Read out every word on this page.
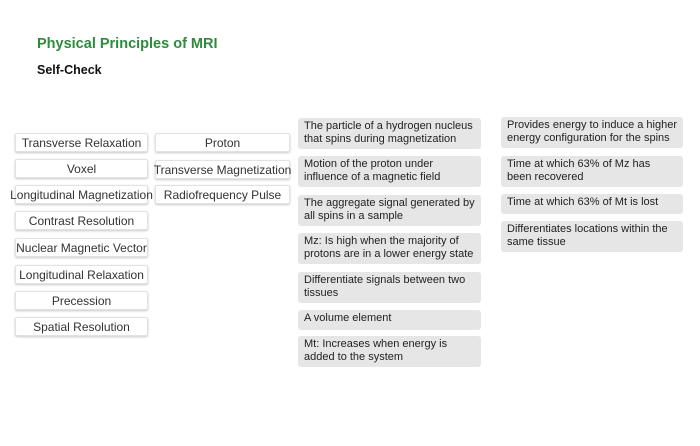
Physical Principles of MRI
Self-Check
Transverse Relaxation
Voxel
Longitudinal Magnetization
Contrast Resolution
Nuclear Magnetic Vector
Longitudinal Relaxation
Precession
Spatial Resolution
Proton
Transverse Magnetization
Radiofrequency Pulse
The particle of a hydrogen nucleus that spins during magnetization
Motion of the proton under influence of a magnetic field
The aggregate signal generated by all spins in a sample
Mz: Is high when the majority of protons are in a lower energy state
Differentiate signals between two tissues
A volume element
Mt: Increases when energy is added to the system
Provides energy to induce a higher energy configuration for the spins
Time at which 63% of Mz has been recovered
Time at which 63% of Mt is lost
Differentiates locations within the same tissue
